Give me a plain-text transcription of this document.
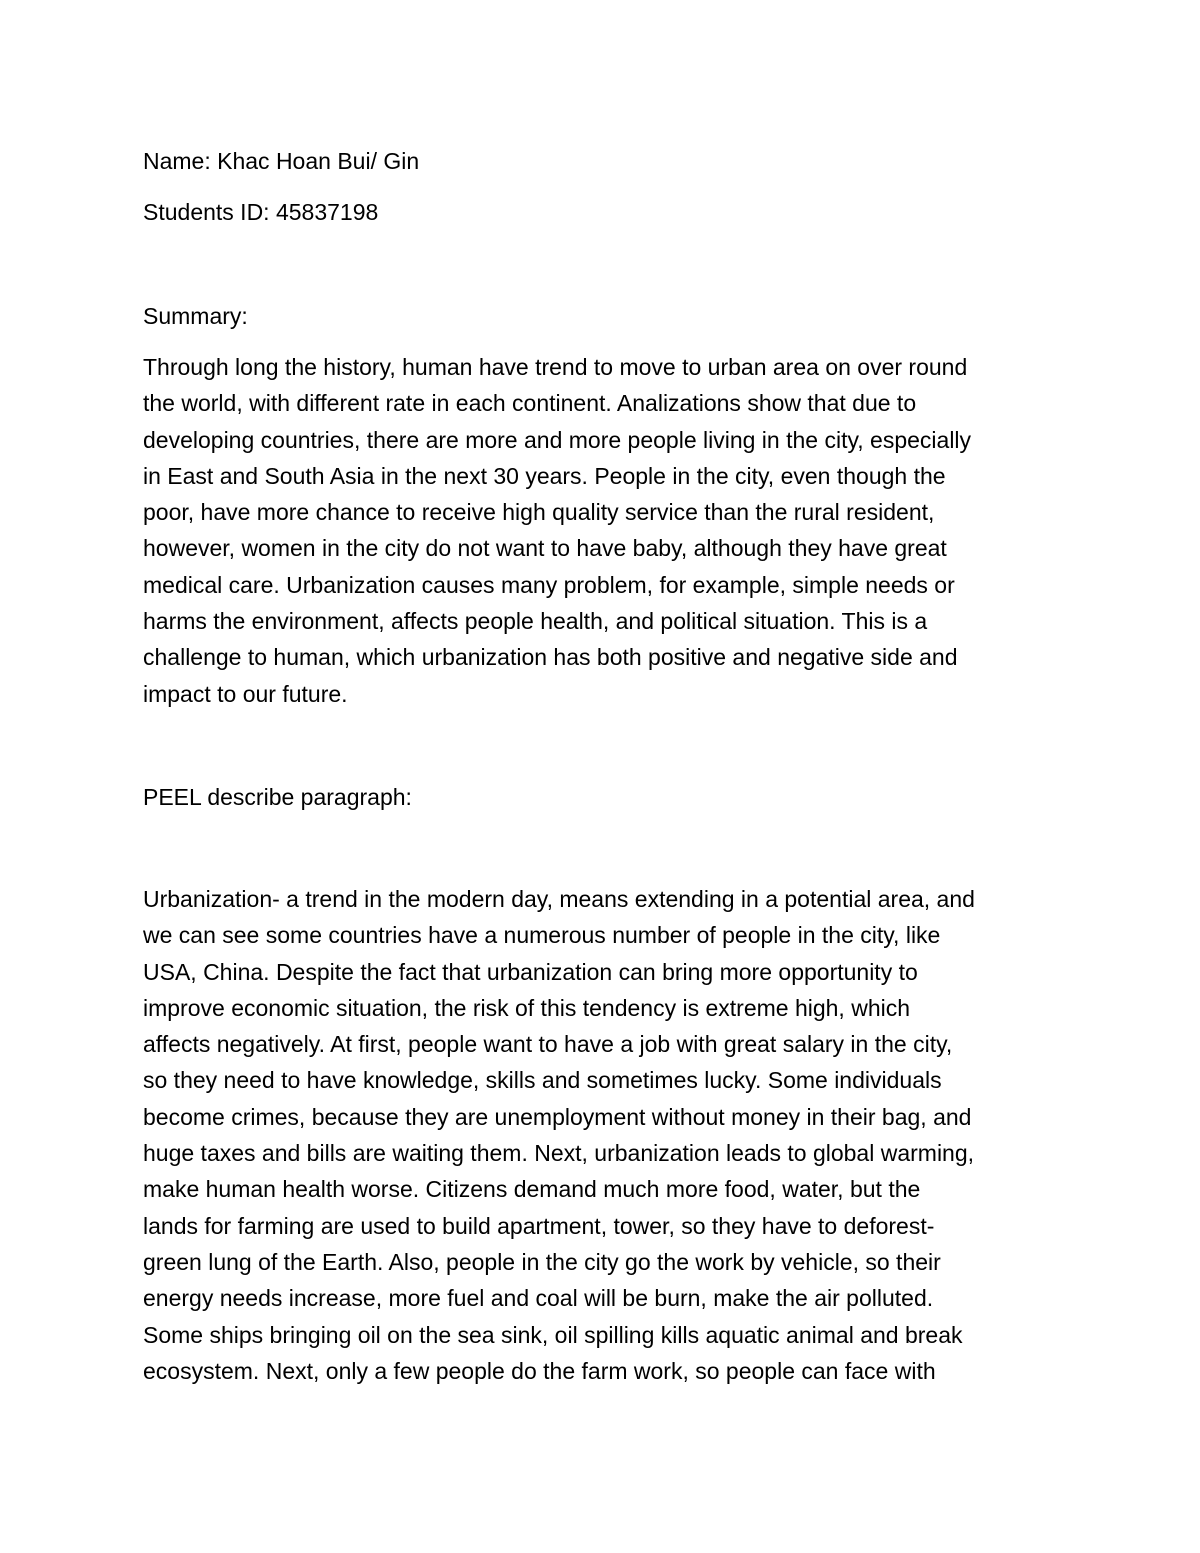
Name: Khac Hoan Bui/ Gin

Students ID: 45837198

Summary:

Through long the history, human have trend to move to urban area on over round
the world, with different rate in each continent. Analizations show that due to
developing countries, there are more and more people living in the city, especially
in East and South Asia in the next 30 years. People in the city, even though the
poor, have more chance to receive high quality service than the rural resident,
however, women in the city do not want to have baby, although they have great
medical care. Urbanization causes many problem, for example, simple needs or
harms the environment, affects people health, and political situation. This is a
challenge to human, which urbanization has both positive and negative side and
impact to our future.

PEEL describe paragraph:

Urbanization- a trend in the modern day, means extending in a potential area, and
we can see some countries have a numerous number of people in the city, like
USA, China. Despite the fact that urbanization can bring more opportunity to
improve economic situation, the risk of this tendency is extreme high, which
affects negatively. At first, people want to have a job with great salary in the city,
so they need to have knowledge, skills and sometimes lucky. Some individuals
become crimes, because they are unemployment without money in their bag, and
huge taxes and bills are waiting them. Next, urbanization leads to global warming,
make human health worse. Citizens demand much more food, water, but the
lands for farming are used to build apartment, tower, so they have to deforest-
green lung of the Earth. Also, people in the city go the work by vehicle, so their
energy needs increase, more fuel and coal will be burn, make the air polluted.
Some ships bringing oil on the sea sink, oil spilling kills aquatic animal and break
ecosystem. Next, only a few people do the farm work, so people can face with
